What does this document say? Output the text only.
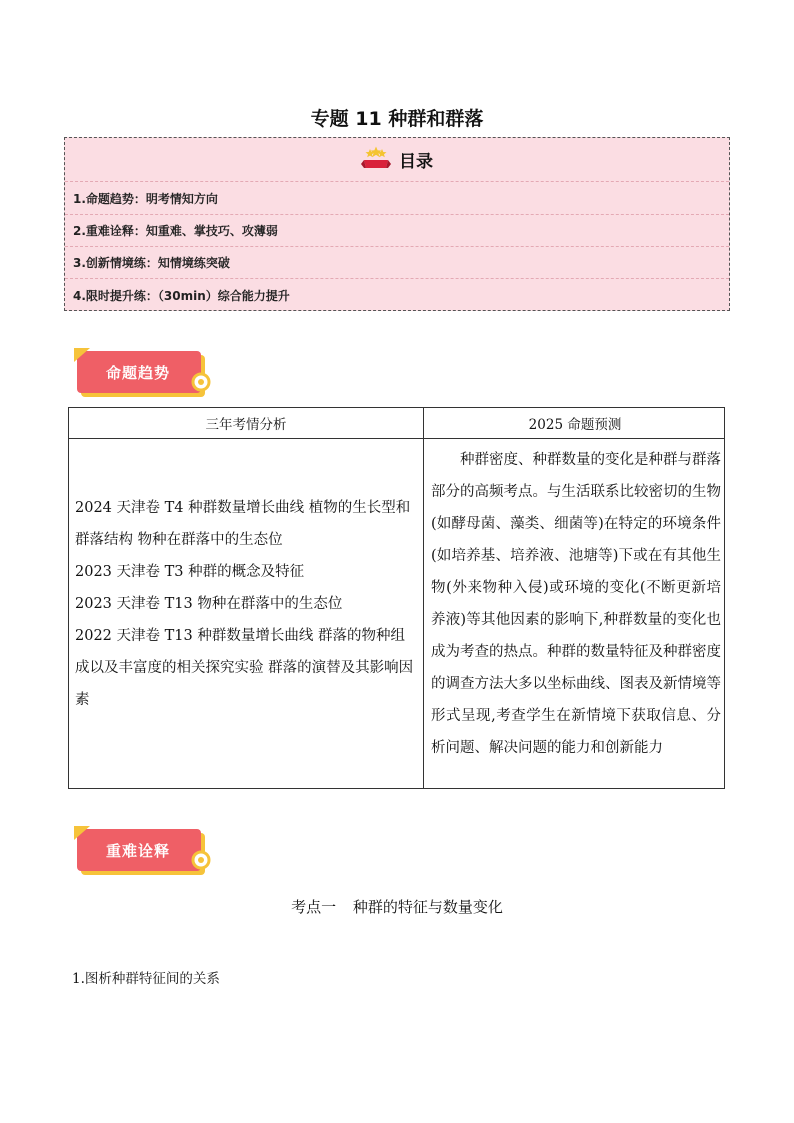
专题 11 种群和群落
目录
1.命题趋势：明考情知方向
2.重难诠释：知重难、掌技巧、攻薄弱
3.创新情境练：知情境练突破
4.限时提升练：（30min）综合能力提升
命题趋势
三年考情分析	2025 命题预测

2024 天津卷 T4 种群数量增长曲线 植物的生长型和群落结构 物种在群落中的生态位

2023 天津卷 T3 种群的概念及特征

2023 天津卷 T13 物种在群落中的生态位

2022 天津卷 T13 种群数量增长曲线 群落的物种组成以及丰富度的相关探究实验 群落的演替及其影响因素

种群密度、种群数量的变化是种群与群落部分的高频考点。与生活联系比较密切的生物(如酵母菌、藻类、细菌等)在特定的环境条件(如培养基、培养液、池塘等)下或在有其他生物(外来物种入侵)或环境的变化(不断更新培养液)等其他因素的影响下,种群数量的变化也成为考查的热点。种群的数量特征及种群密度的调查方法大多以坐标曲线、图表及新情境等形式呈现,考查学生在新情境下获取信息、分析问题、解决问题的能力和创新能力
重难诠释
考点一 种群的特征与数量变化
1.图析种群特征间的关系
